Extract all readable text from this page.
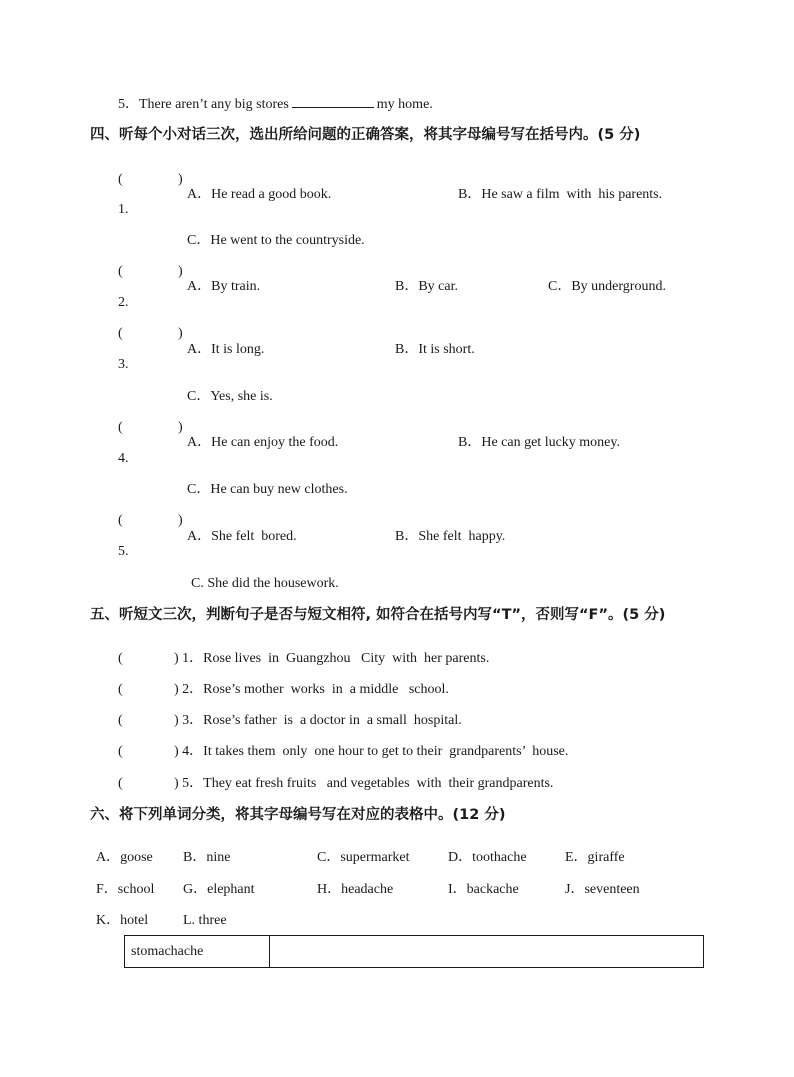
5．There aren’t any big stores	my home.
四、听每个小对话三次，选出所给问题的正确答案，将其字母编号写在括号内。(5 分)
(	)
1.
A．He read a good book.	B．He saw a film  with  his parents.
C．He went to the countryside.
(	)
2.
A．By train.	B．By car.	C．By underground.
(	)
3.
A．It is long.	B．It is short.
C．Yes, she is.
(	)
4.
A．He can enjoy the food.	B．He can get lucky money.
C．He can buy new clothes.
(	)
5.
A．She felt  bored.	B．She felt  happy.
C. She did the housework.
五、听短文三次，判断句子是否与短文相符, 如符合在括号内写“T”，否则写“F”。(5 分)
(	) 1．Rose lives  in  Guangzhou   City  with  her parents.
(	) 2．Rose’s mother  works  in  a middle   school.
(	) 3．Rose’s father  is  a doctor in  a small  hospital.
(	) 4．It takes them  only  one hour to get to their  grandparents’  house.
(	) 5．They eat fresh fruits   and vegetables  with  their grandparents.
六、将下列单词分类，将其字母编号写在对应的表格中。(12 分)
A．goose B．nine	C．supermarket	D．toothache	E．giraffe
F．school G．elephant	H．headache	I．backache	J．seventeen
K．hotel L. three
stomachache	
